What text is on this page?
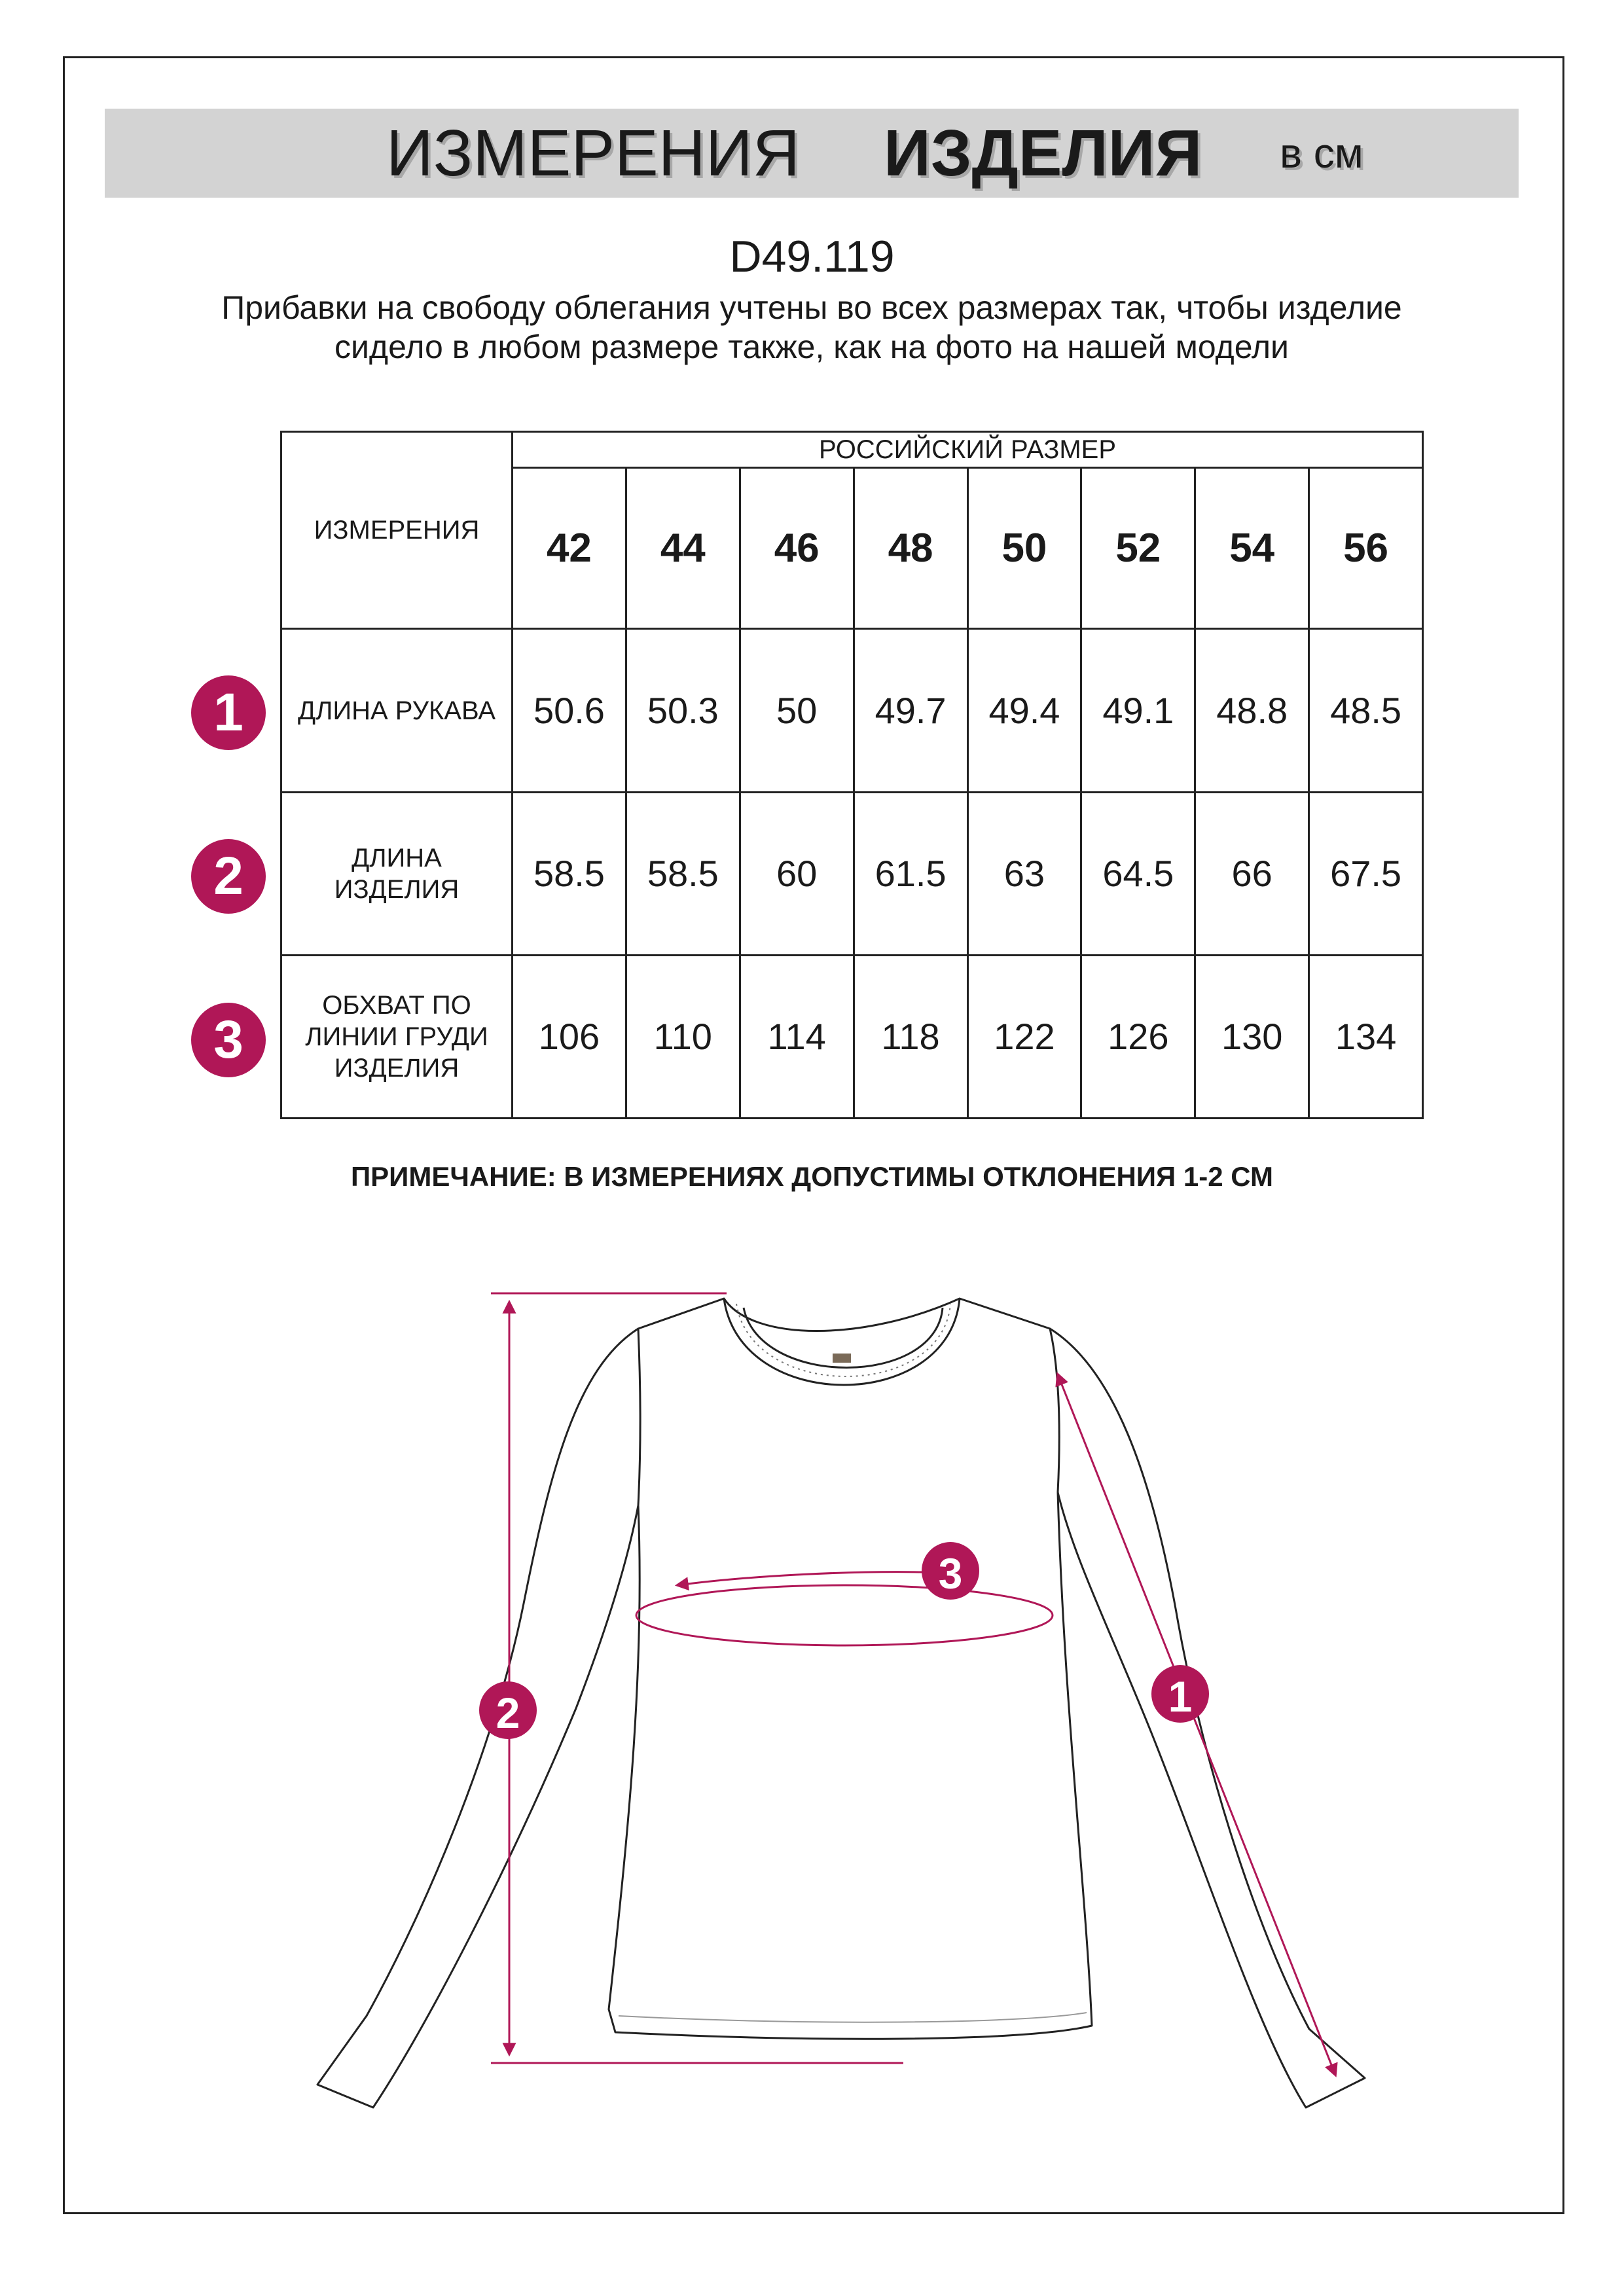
ИЗМЕРЕНИЯ ИЗДЕЛИЯ в см
D49.119
Прибавки на свободу облегания учтены во всех размерах так, чтобы изделие сидело в любом размере также, как на фото на нашей модели
ИЗМЕРЕНИЯ	РОССИЙСКИЙ РАЗМЕР							
	42	44	46	48	50	52	54	56
ДЛИНА РУКАВА	50.6	50.3	50	49.7	49.4	49.1	48.8	48.5
ДЛИНА ИЗДЕЛИЯ	58.5	58.5	60	61.5	63	64.5	66	67.5
ОБХВАТ ПО ЛИНИИ ГРУДИ ИЗДЕЛИЯ	106	110	114	118	122	126	130	134
1
2
3
ПРИМЕЧАНИЕ: В ИЗМЕРЕНИЯХ ДОПУСТИМЫ ОТКЛОНЕНИЯ 1-2 СМ
2
3
1
